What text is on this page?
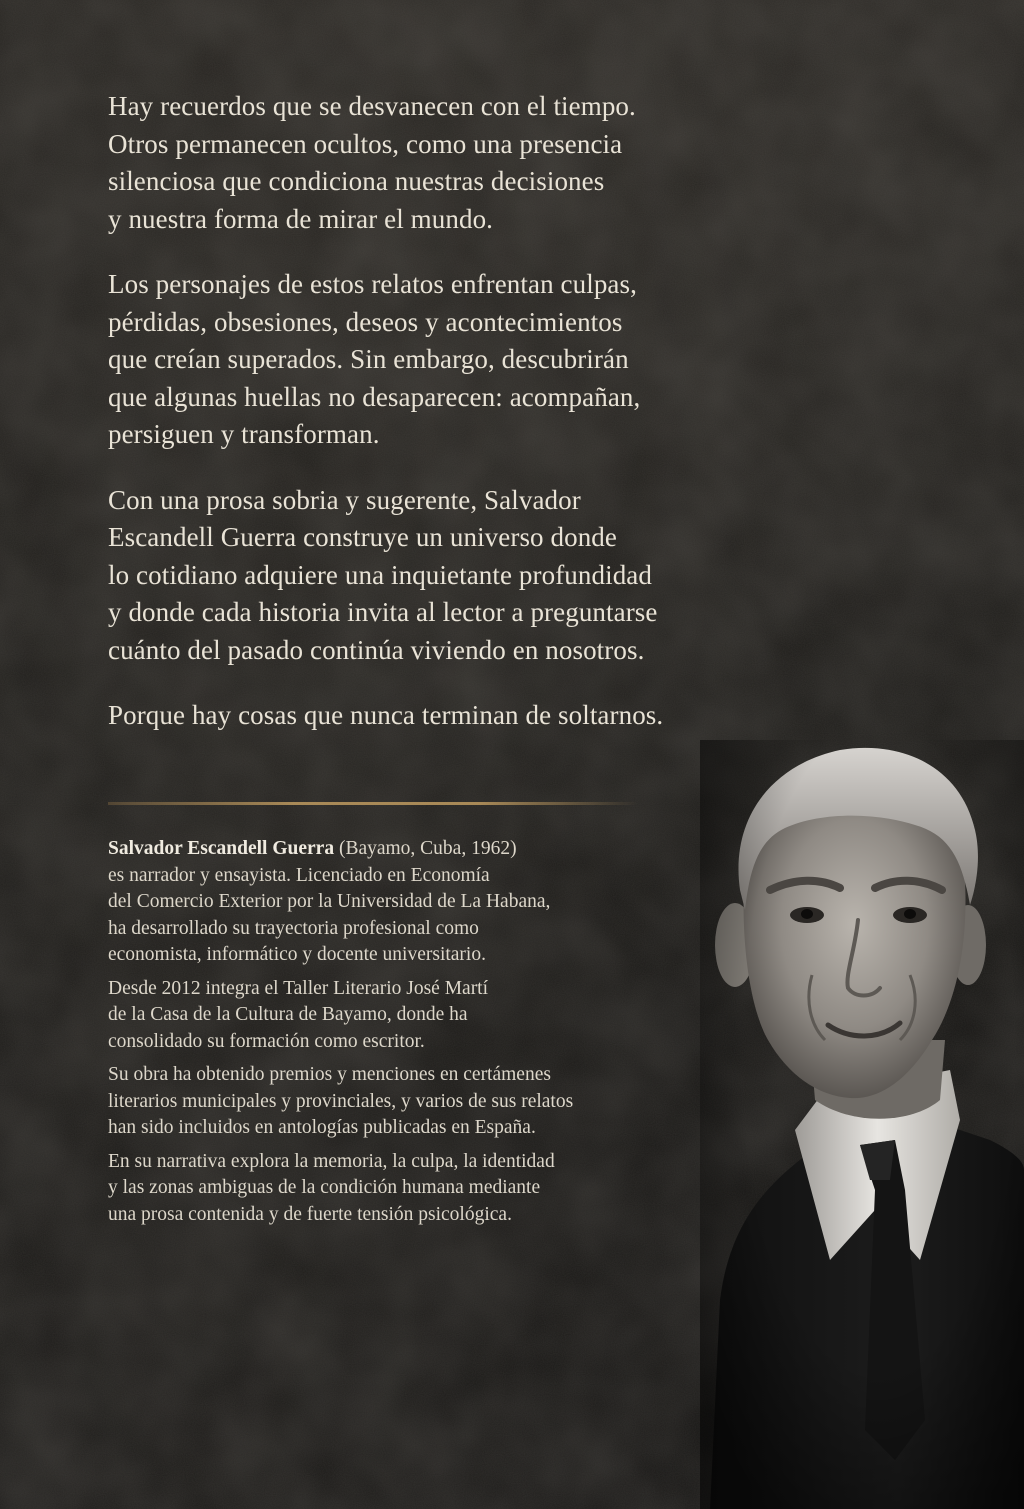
Hay recuerdos que se desvanecen con el tiempo.
Otros permanecen ocultos, como una presencia
silenciosa que condiciona nuestras decisiones
y nuestra forma de mirar el mundo.

Los personajes de estos relatos enfrentan culpas,
pérdidas, obsesiones, deseos y acontecimientos
que creían superados. Sin embargo, descubrirán
que algunas huellas no desaparecen: acompañan,
persiguen y transforman.

Con una prosa sobria y sugerente, Salvador
Escandell Guerra construye un universo donde
lo cotidiano adquiere una inquietante profundidad
y donde cada historia invita al lector a preguntarse
cuánto del pasado continúa viviendo en nosotros.

Porque hay cosas que nunca terminan de soltarnos.

Salvador Escandell Guerra (Bayamo, Cuba, 1962)
es narrador y ensayista. Licenciado en Economía
del Comercio Exterior por la Universidad de La Habana,
ha desarrollado su trayectoria profesional como
economista, informático y docente universitario.

Desde 2012 integra el Taller Literario José Martí
de la Casa de la Cultura de Bayamo, donde ha
consolidado su formación como escritor.

Su obra ha obtenido premios y menciones en certámenes
literarios municipales y provinciales, y varios de sus relatos
han sido incluidos en antologías publicadas en España.

En su narrativa explora la memoria, la culpa, la identidad
y las zonas ambiguas de la condición humana mediante
una prosa contenida y de fuerte tensión psicológica.
